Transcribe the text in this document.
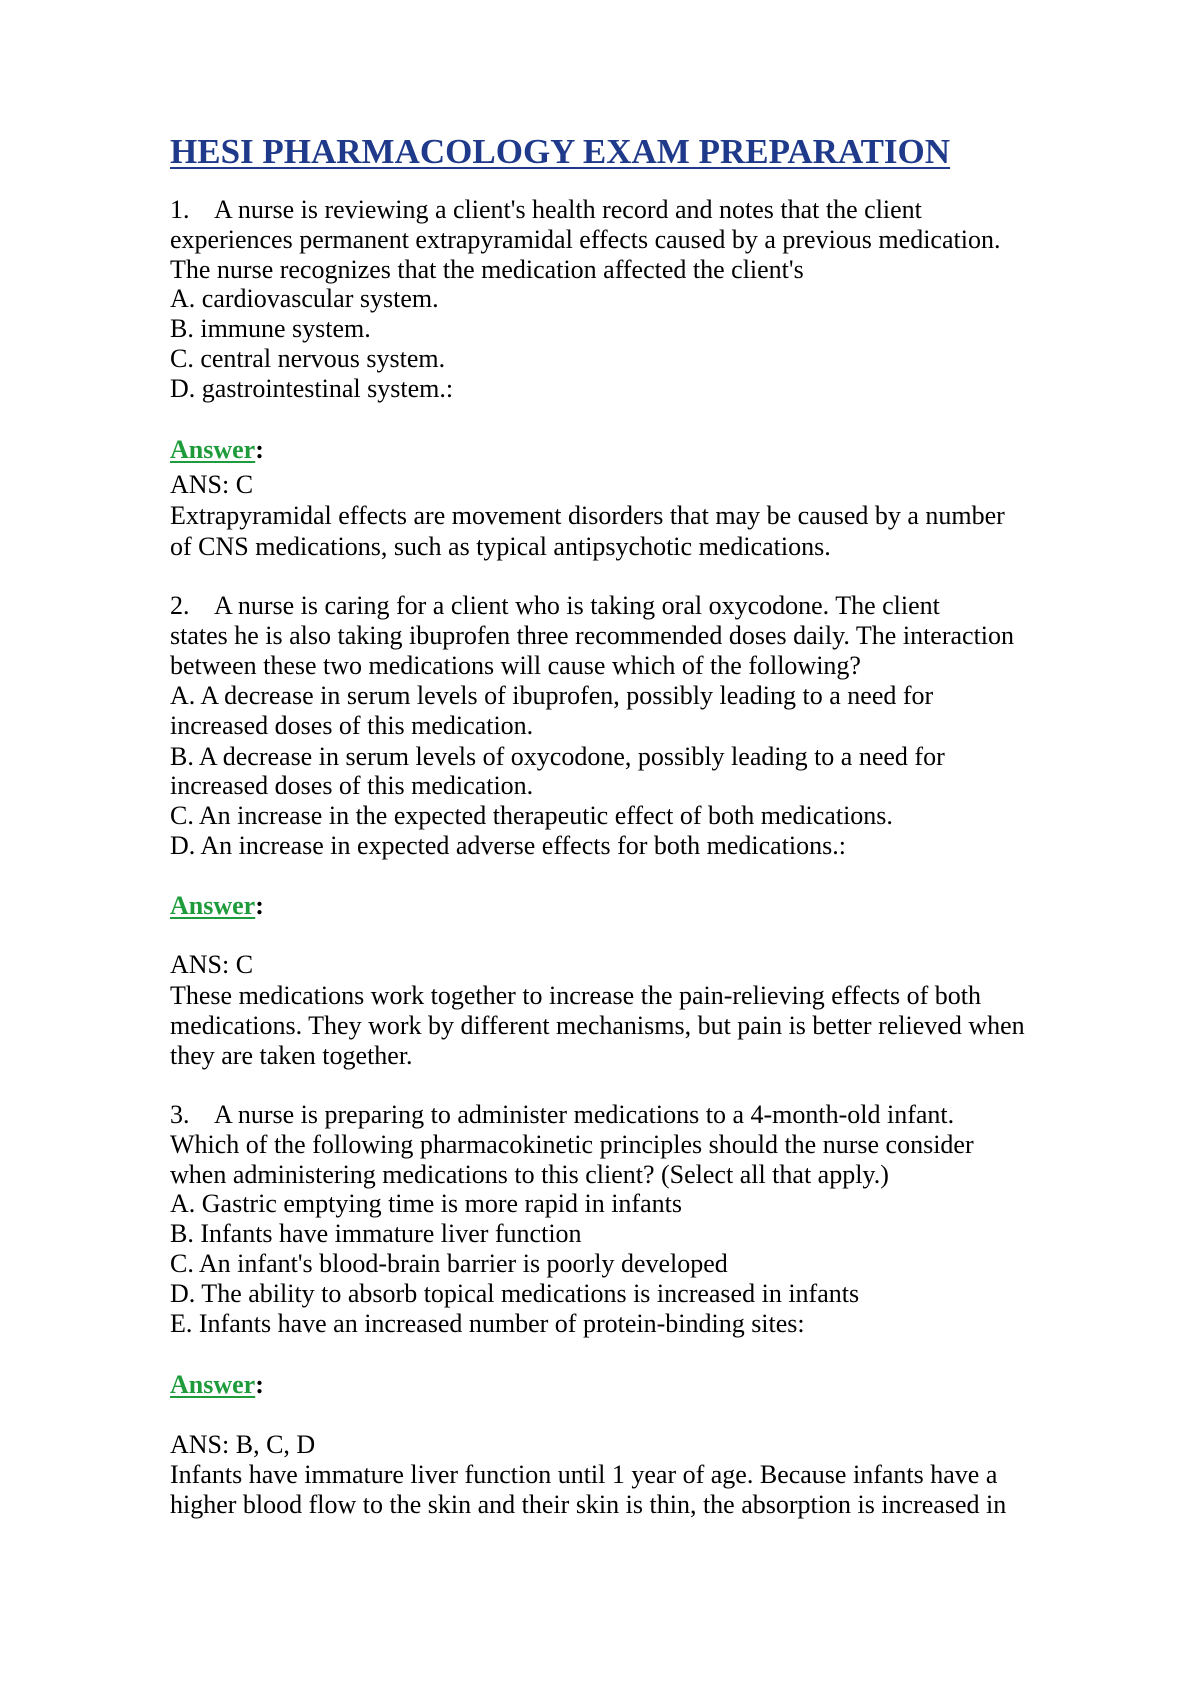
HESI PHARMACOLOGY EXAM PREPARATION
1. A nurse is reviewing a client's health record and notes that the client
experiences permanent extrapyramidal effects caused by a previous medication.
The nurse recognizes that the medication affected the client's
A. cardiovascular system.
B. immune system.
C. central nervous system.
D. gastrointestinal system.:
Answer:
ANS: C
Extrapyramidal effects are movement disorders that may be caused by a number
of CNS medications, such as typical antipsychotic medications.
2. A nurse is caring for a client who is taking oral oxycodone. The client
states he is also taking ibuprofen three recommended doses daily. The interaction
between these two medications will cause which of the following?
A. A decrease in serum levels of ibuprofen, possibly leading to a need for
increased doses of this medication.
B. A decrease in serum levels of oxycodone, possibly leading to a need for
increased doses of this medication.
C. An increase in the expected therapeutic effect of both medications.
D. An increase in expected adverse effects for both medications.:
Answer:
ANS: C
These medications work together to increase the pain-relieving effects of both
medications. They work by different mechanisms, but pain is better relieved when
they are taken together.
3. A nurse is preparing to administer medications to a 4-month-old infant.
Which of the following pharmacokinetic principles should the nurse consider
when administering medications to this client? (Select all that apply.)
A. Gastric emptying time is more rapid in infants
B. Infants have immature liver function
C. An infant's blood-brain barrier is poorly developed
D. The ability to absorb topical medications is increased in infants
E. Infants have an increased number of protein-binding sites:
Answer:
ANS: B, C, D
Infants have immature liver function until 1 year of age. Because infants have a
higher blood flow to the skin and their skin is thin, the absorption is increased in
